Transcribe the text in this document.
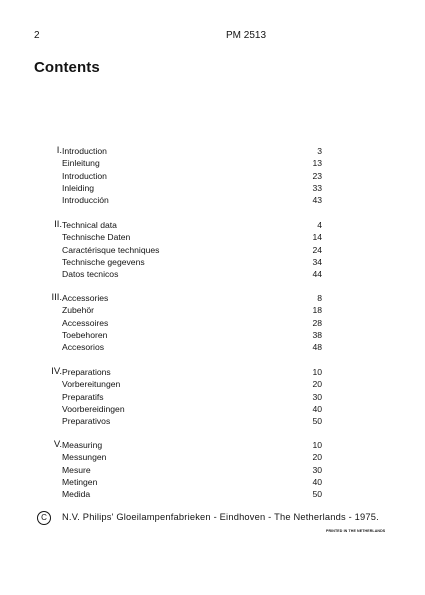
2	PM 2513
Contents
I. Introduction	3
Einleitung	13
Introduction	23
Inleiding	33
Introducción	43
II. Technical data	4
Technische Daten	14
Caractérisque techniques	24
Technische gegevens	34
Datos tecnicos	44
III. Accessories	8
Zubehör	18
Accessoires	28
Toebehoren	38
Accesorios	48
IV. Preparations	10
Vorbereitungen	20
Preparatifs	30
Voorbereidingen	40
Preparativos	50
V. Measuring	10
Messungen	20
Mesure	30
Metingen	40
Medida	50
C	N.V. Philips' Gloeilampenfabrieken - Eindhoven - The Netherlands - 1975.
PRINTED IN THE NETHERLANDS
